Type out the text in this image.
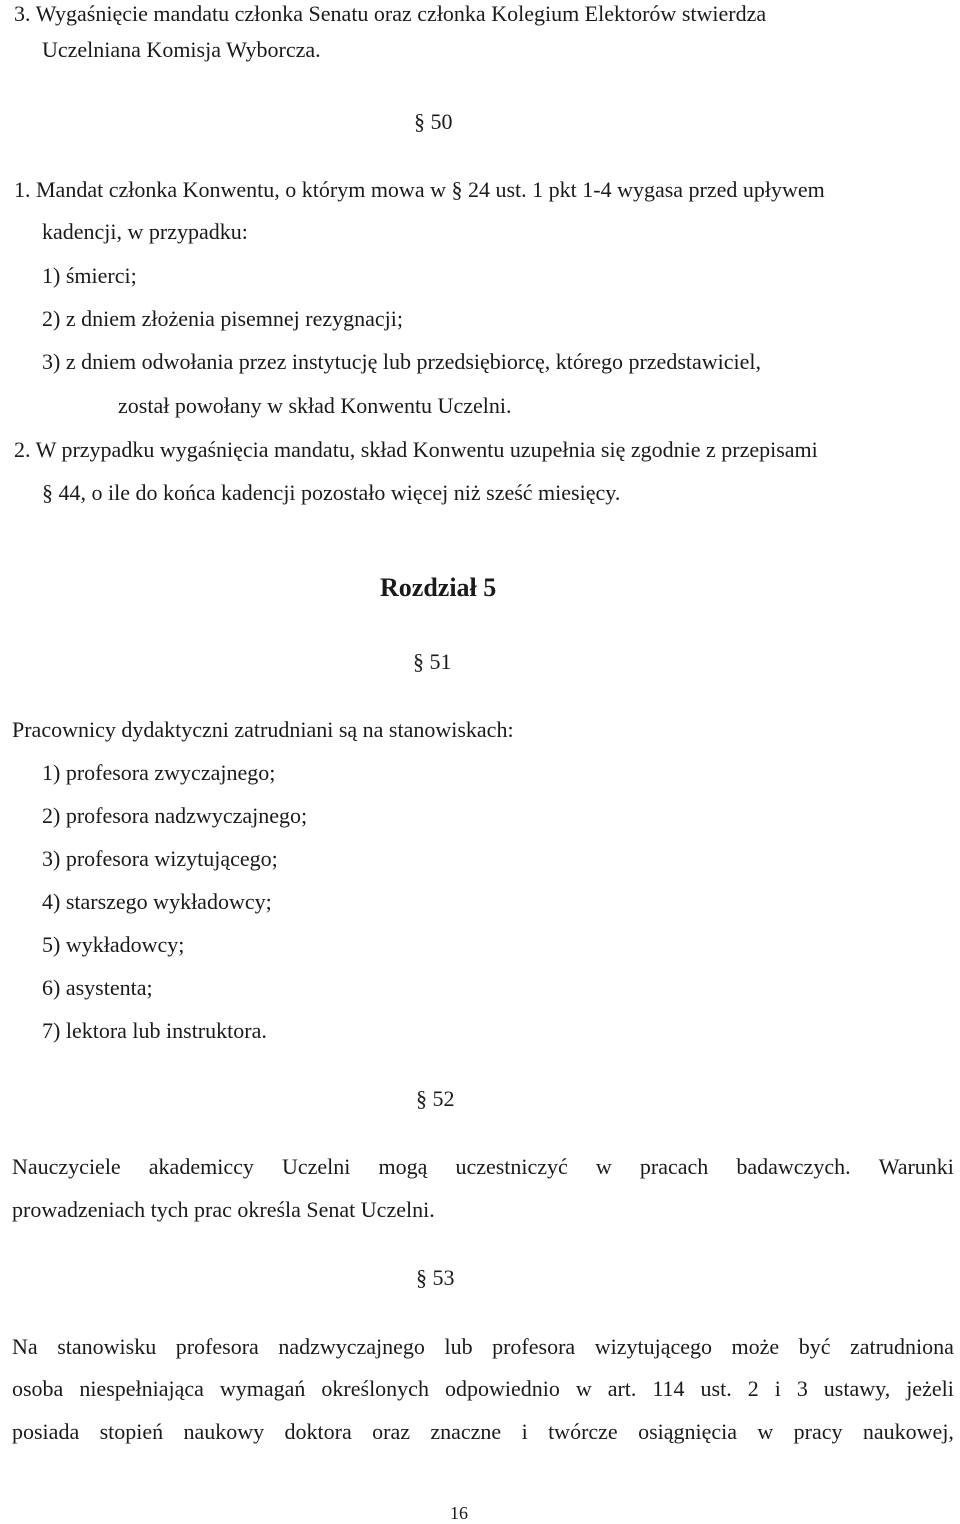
3. Wygaśnięcie mandatu członka Senatu oraz członka Kolegium Elektorów stwierdza
Uczelniana Komisja Wyborcza.
§ 50
1. Mandat członka Konwentu, o którym mowa w § 24 ust. 1 pkt 1-4 wygasa przed upływem
kadencji, w przypadku:
1) śmierci;
2) z dniem złożenia pisemnej rezygnacji;
3) z dniem odwołania przez instytucję lub przedsiębiorcę, którego przedstawiciel,
został powołany w skład Konwentu Uczelni.
2. W przypadku wygaśnięcia mandatu, skład Konwentu uzupełnia się zgodnie z przepisami
§ 44, o ile do końca kadencji pozostało więcej niż sześć miesięcy.
Rozdział 5
§ 51
Pracownicy dydaktyczni zatrudniani są na stanowiskach:
1) profesora zwyczajnego;
2) profesora nadzwyczajnego;
3) profesora wizytującego;
4) starszego wykładowcy;
5) wykładowcy;
6) asystenta;
7) lektora lub instruktora.
§ 52
Nauczyciele akademiccy Uczelni mogą uczestniczyć w pracach badawczych. Warunki
prowadzeniach tych prac określa Senat Uczelni.
§ 53
Na stanowisku profesora nadzwyczajnego lub profesora wizytującego może być zatrudniona
osoba niespełniająca wymagań określonych odpowiednio w art. 114 ust. 2 i 3 ustawy, jeżeli
posiada stopień naukowy doktora oraz znaczne i twórcze osiągnięcia w pracy naukowej,
16
